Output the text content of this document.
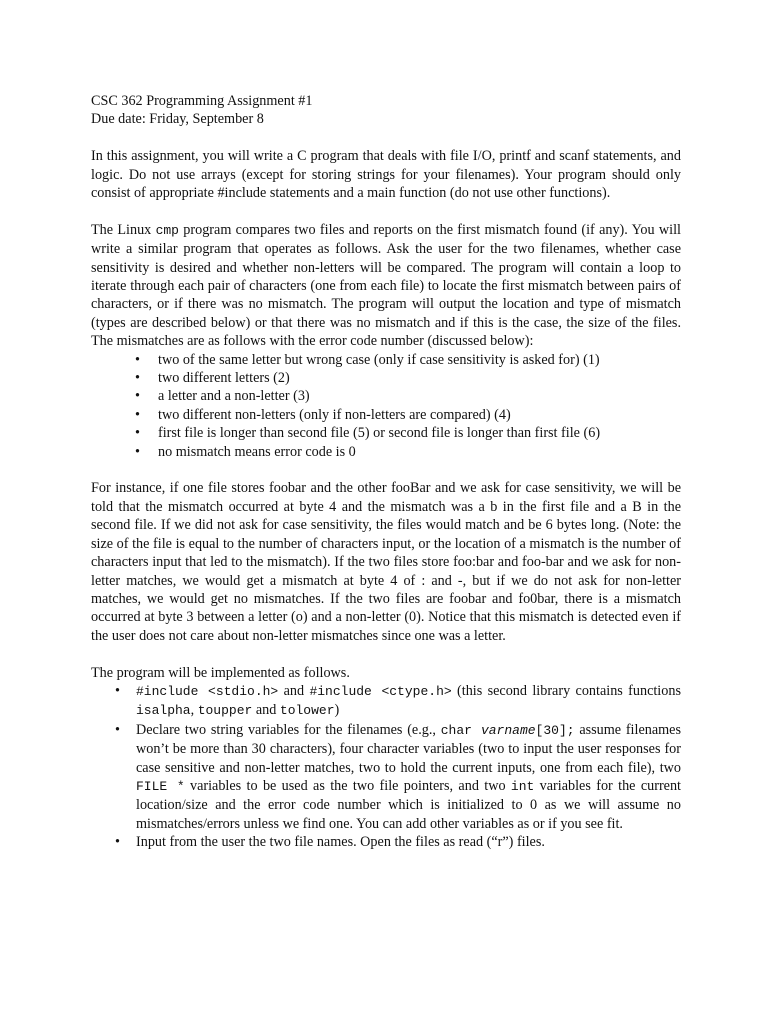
CSC 362 Programming Assignment #1

Due date: Friday, September 8

In this assignment, you will write a C program that deals with file I/O, printf and scanf statements, and logic. Do not use arrays (except for storing strings for your filenames). Your program should only consist of appropriate #include statements and a main function (do not use other functions).

The Linux cmp program compares two files and reports on the first mismatch found (if any). You will write a similar program that operates as follows. Ask the user for the two filenames, whether case sensitivity is desired and whether non-letters will be compared. The program will contain a loop to iterate through each pair of characters (one from each file) to locate the first mismatch between pairs of characters, or if there was no mismatch. The program will output the location and type of mismatch (types are described below) or that there was no mismatch and if this is the case, the size of the files. The mismatches are as follows with the error code number (discussed below):

• two of the same letter but wrong case (only if case sensitivity is asked for) (1)
• two different letters (2)
• a letter and a non-letter (3)
• two different non-letters (only if non-letters are compared) (4)
• first file is longer than second file (5) or second file is longer than first file (6)
• no mismatch means error code is 0

For instance, if one file stores foobar and the other fooBar and we ask for case sensitivity, we will be told that the mismatch occurred at byte 4 and the mismatch was a b in the first file and a B in the second file. If we did not ask for case sensitivity, the files would match and be 6 bytes long. (Note: the size of the file is equal to the number of characters input, or the location of a mismatch is the number of characters input that led to the mismatch). If the two files store foo:bar and foo-bar and we ask for non-letter matches, we would get a mismatch at byte 4 of : and -, but if we do not ask for non-letter matches, we would get no mismatches. If the two files are foobar and fo0bar, there is a mismatch occurred at byte 3 between a letter (o) and a non-letter (0). Notice that this mismatch is detected even if the user does not care about non-letter mismatches since one was a letter.

The program will be implemented as follows.

• #include <stdio.h> and #include <ctype.h> (this second library contains functions isalpha, toupper and tolower)
• Declare two string variables for the filenames (e.g., char varname[30]; assume filenames won’t be more than 30 characters), four character variables (two to input the user responses for case sensitive and non-letter matches, two to hold the current inputs, one from each file), two FILE * variables to be used as the two file pointers, and two int variables for the current location/size and the error code number which is initialized to 0 as we will assume no mismatches/errors unless we find one. You can add other variables as or if you see fit.
• Input from the user the two file names. Open the files as read (“r”) files.
